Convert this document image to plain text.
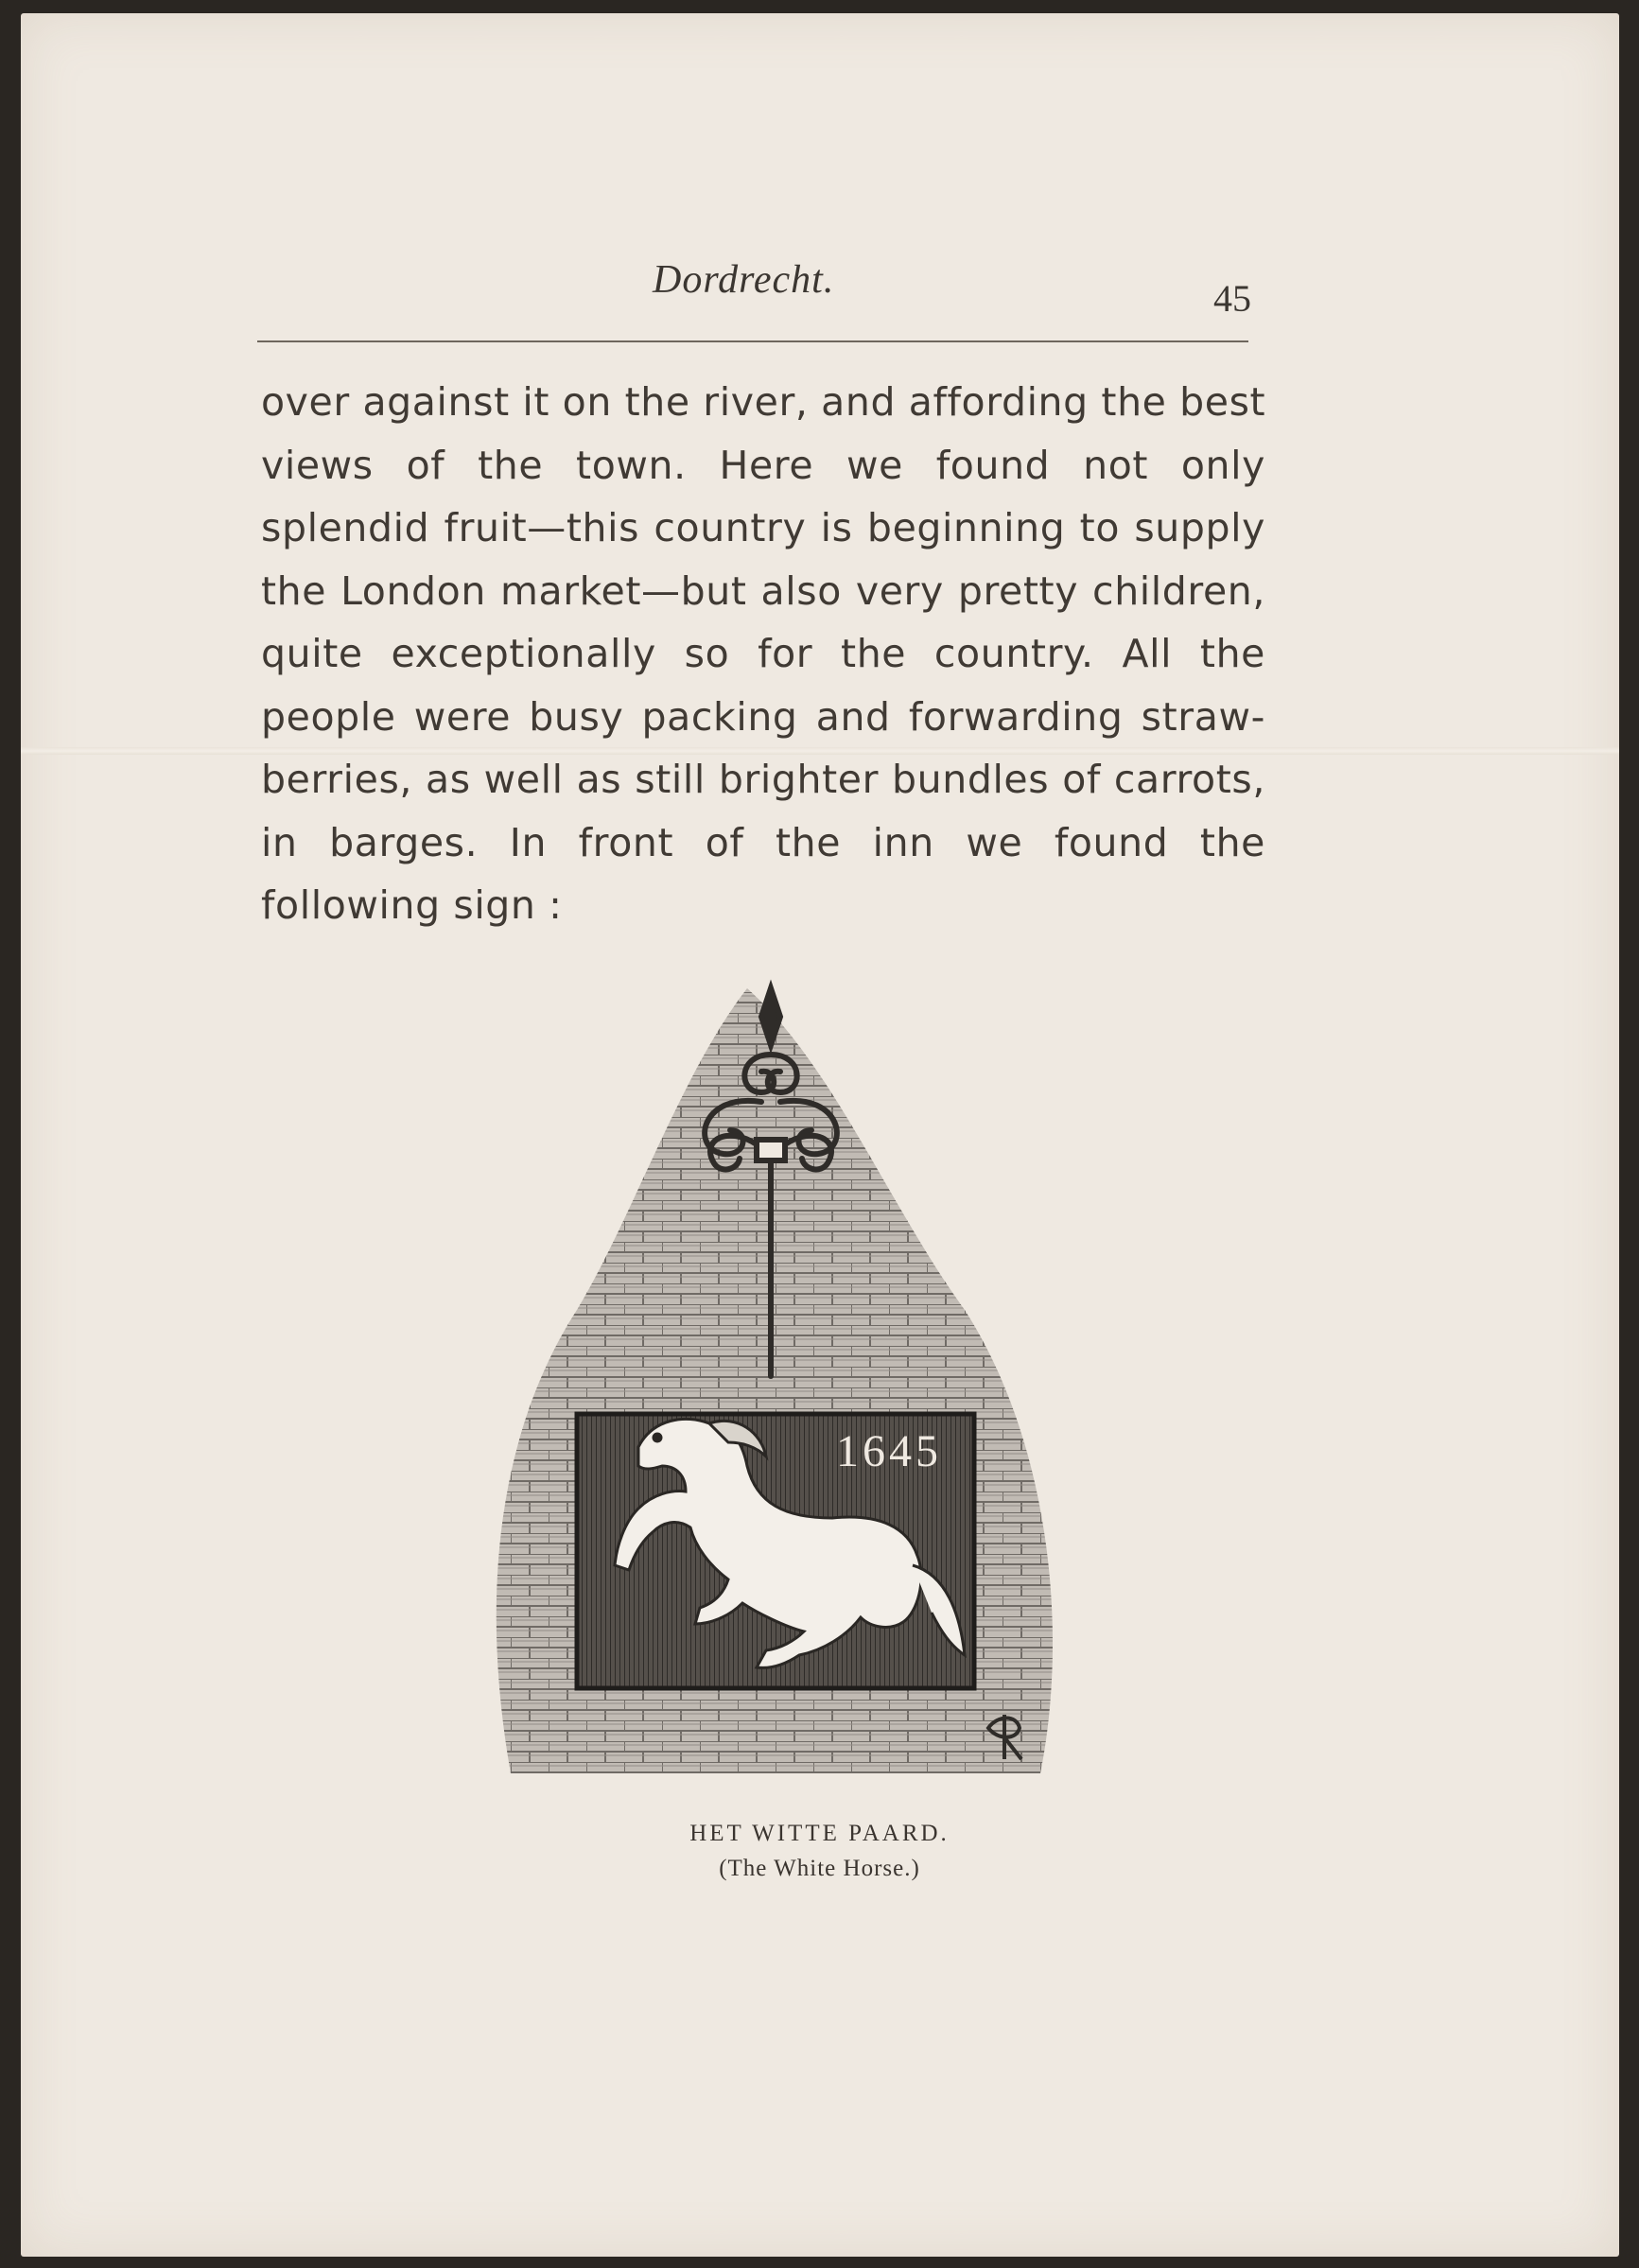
Dordrecht.	45
over against it on the river, and affording the best
views of the town. Here we found not only
splendid fruit—this country is beginning to supply
the London market—but also very pretty children,
quite exceptionally so for the country. All the
people were busy packing and forwarding straw-
berries, as well as still brighter bundles of carrots,
in barges. In front of the inn we found the
following sign :
1645
HET WITTE PAARD.
(The White Horse.)
